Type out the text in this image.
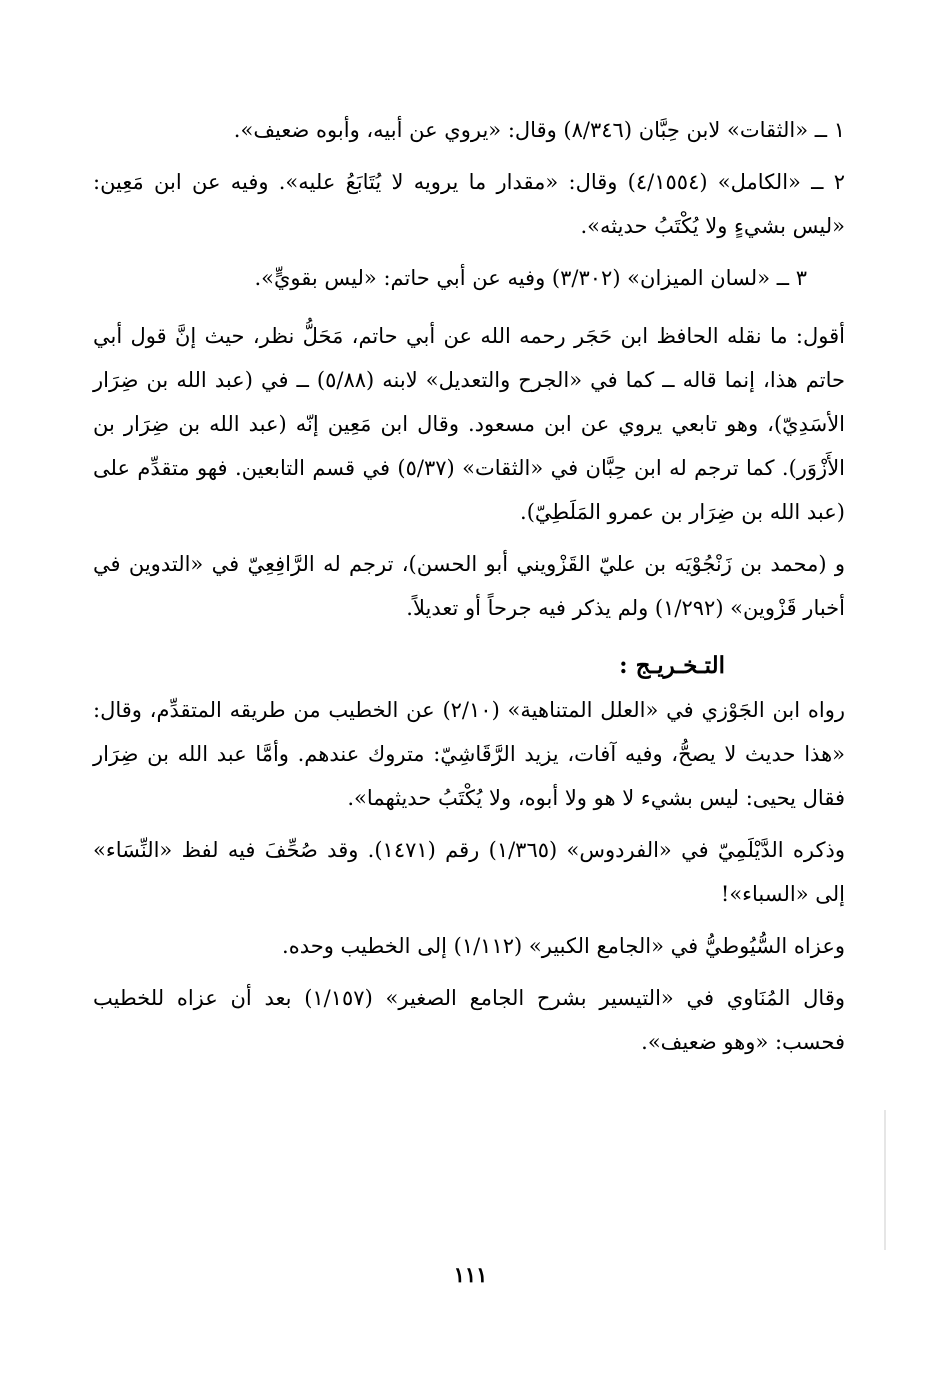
١ ــ «الثقات» لابن حِبَّان (٨/٣٤٦) وقال: «يروي عن أبيه، وأبوه ضعيف».

٢ ــ «الكامل» (٤/١٥٥٤) وقال: «مقدار ما يرويه لا يُتَابَعُ عليه». وفيه عن ابن مَعِين: «ليس بشيءٍ ولا يُكْتَبُ حديثه».

٣ ــ «لسان الميزان» (٣/٣٠٢) وفيه عن أبي حاتم: «ليس بقويٍّ».

أقول: ما نقله الحافظ ابن حَجَر رحمه الله عن أبي حاتم، مَحَلُّ نظر، حيث إنَّ قول أبي حاتم هذا، إنما قاله ــ كما في «الجرح والتعديل» لابنه (٥/٨٨) ــ في (عبد الله بن ضِرَار الأسَدِيّ)، وهو تابعي يروي عن ابن مسعود. وقال ابن مَعِين إنّه (عبد الله بن ضِرَار بن الأَزْوَر). كما ترجم له ابن حِبَّان في «الثقات» (٥/٣٧) في قسم التابعين. فهو متقدِّم على (عبد الله بن ضِرَار بن عمرو المَلَطِيّ).

و (محمد بن زَنْجُوْيَه بن عليّ القَزْويني أبو الحسن)، ترجم له الرَّافِعِيّ في «التدوين في أخبار قَزْوين» (١/٢٩٢) ولم يذكر فيه جرحاً أو تعديلاً.

التـخـريـج :

رواه ابن الجَوْزي في «العلل المتناهية» (٢/١٠) عن الخطيب من طريقه المتقدِّم، وقال: «هذا حديث لا يصحُّ، وفيه آفات، يزيد الرَّقَاشِيّ: متروك عندهم. وأمَّا عبد الله بن ضِرَار فقال يحيى: ليس بشيء لا هو ولا أبوه، ولا يُكْتَبُ حديثهما».

وذكره الدَّيْلَمِيّ في «الفردوس» (١/٣٦٥) رقم (١٤٧١). وقد صُحِّفَ فيه لفظ «النِّسَاء» إلى «السباء»!

وعزاه السُّيُوطيُّ في «الجامع الكبير» (١/١١٢) إلى الخطيب وحده.

وقال المُنَاوي في «التيسير بشرح الجامع الصغير» (١/١٥٧) بعد أن عزاه للخطيب فحسب: «وهو ضعيف».

١١١
